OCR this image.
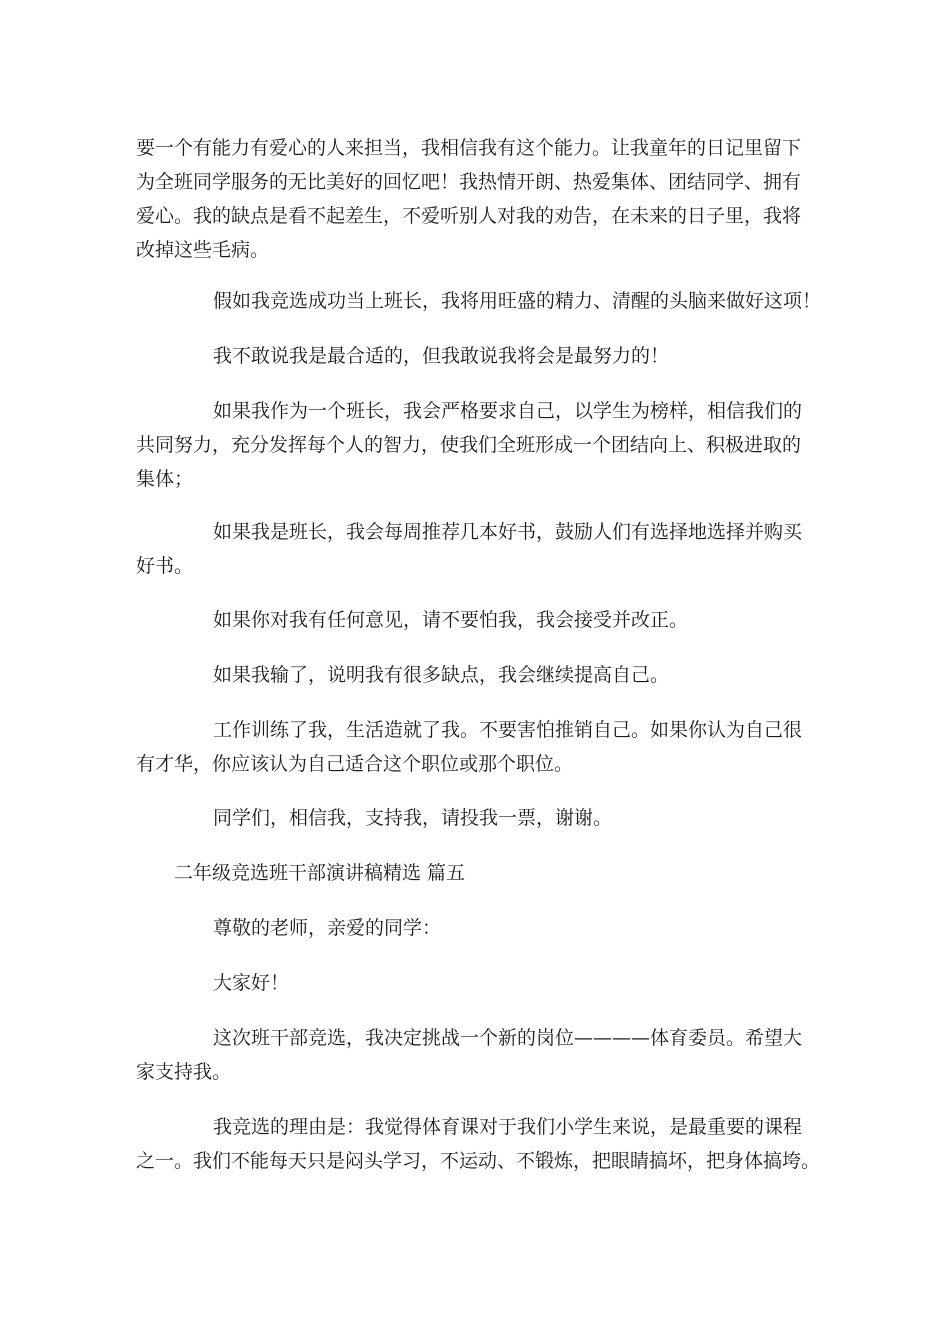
要一个有能力有爱心的人来担当，我相信我有这个能力。让我童年的日记里留下
为全班同学服务的无比美好的回忆吧！我热情开朗、热爱集体、团结同学、拥有
爱心。我的缺点是看不起差生，不爱听别人对我的劝告，在未来的日子里，我将
改掉这些毛病。

假如我竞选成功当上班长，我将用旺盛的精力、清醒的头脑来做好这项！

我不敢说我是最合适的，但我敢说我将会是最努力的！

如果我作为一个班长，我会严格要求自己，以学生为榜样，相信我们的
共同努力，充分发挥每个人的智力，使我们全班形成一个团结向上、积极进取的
集体；

如果我是班长，我会每周推荐几本好书，鼓励人们有选择地选择并购买
好书。

如果你对我有任何意见，请不要怕我，我会接受并改正。

如果我输了，说明我有很多缺点，我会继续提高自己。

工作训练了我，生活造就了我。不要害怕推销自己。如果你认为自己很
有才华，你应该认为自己适合这个职位或那个职位。

同学们，相信我，支持我，请投我一票，谢谢。

二年级竞选班干部演讲稿精选 篇五

尊敬的老师，亲爱的同学：

大家好！

这次班干部竞选，我决定挑战一个新的岗位————体育委员。希望大
家支持我。

我竞选的理由是：我觉得体育课对于我们小学生来说，是最重要的课程
之一。我们不能每天只是闷头学习，不运动、不锻炼，把眼睛搞坏，把身体搞垮。
